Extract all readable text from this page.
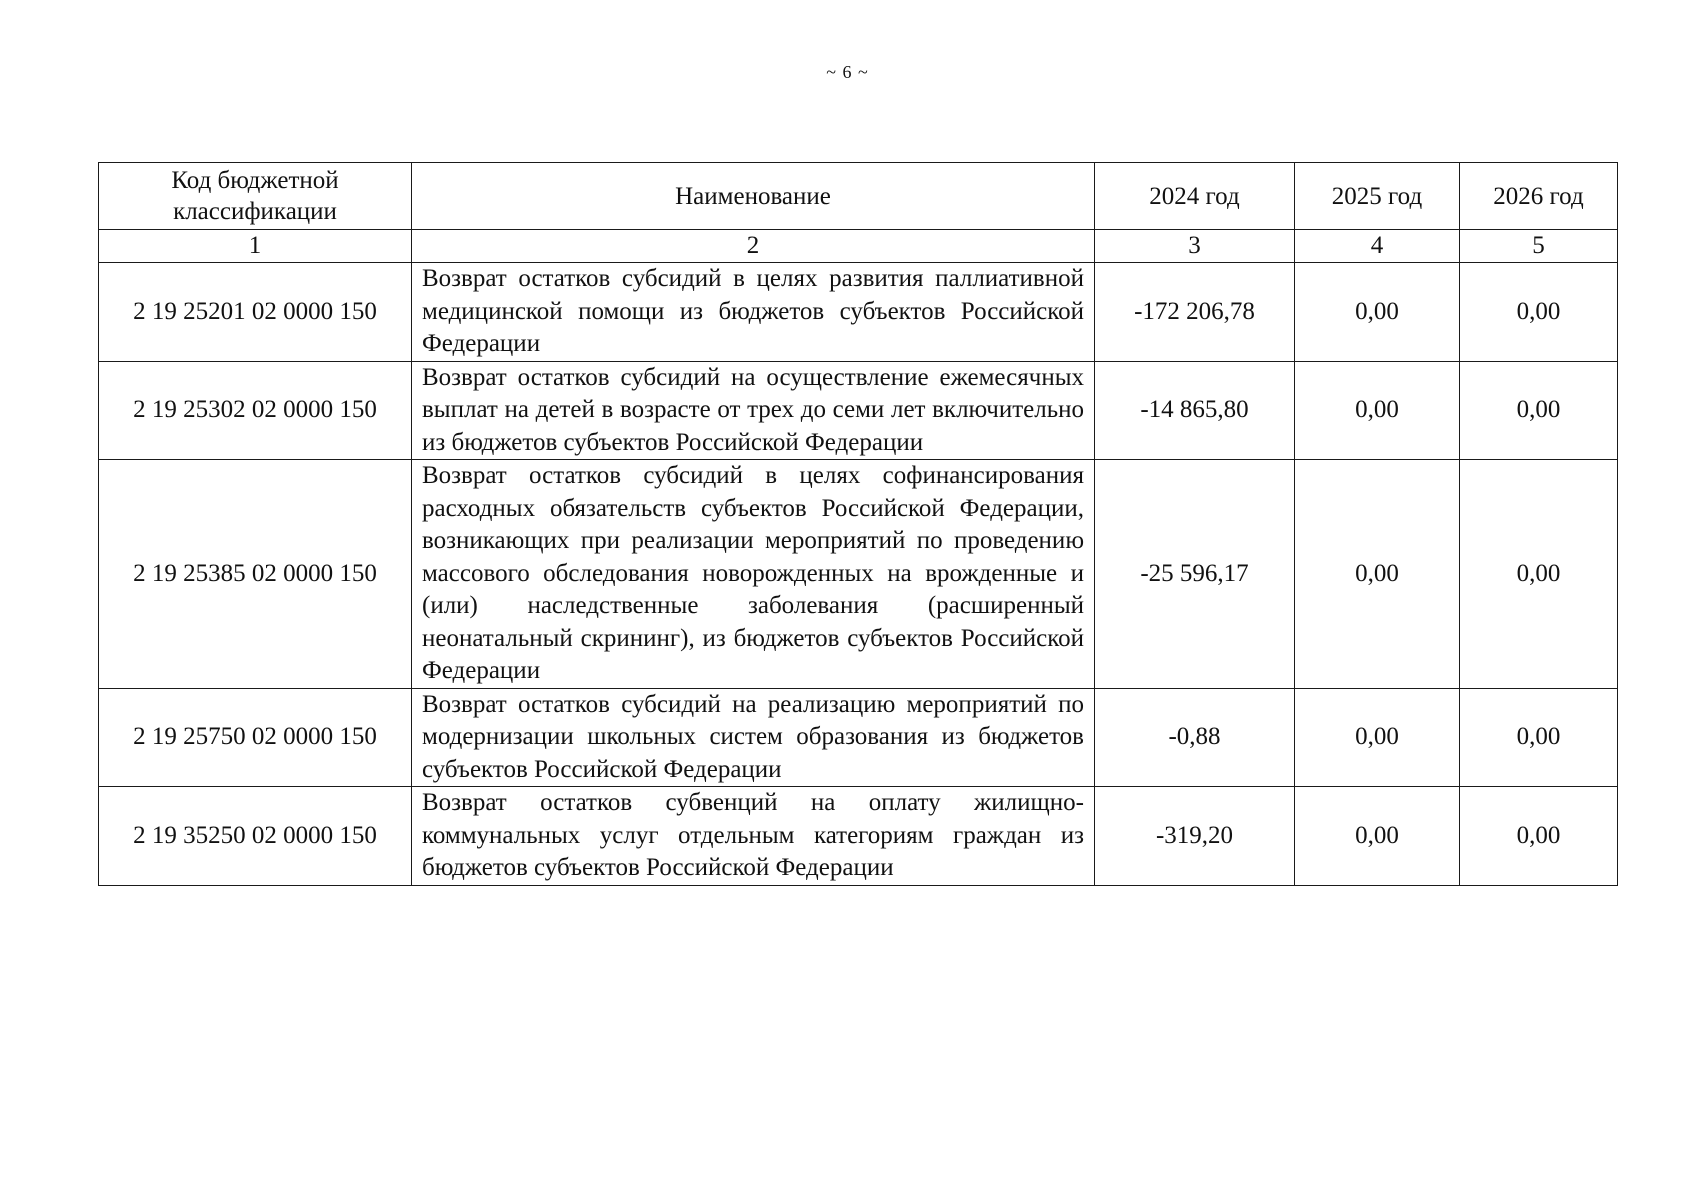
~ 6 ~
Код бюджетной классификации	Наименование	2024 год	2025 год	2026 год
1	2	3	4	5
2 19 25201 02 0000 150	Возврат остатков субсидий в целях развития паллиативной медицинской помощи из бюджетов субъектов Российской Федерации	-172 206,78	0,00	0,00
2 19 25302 02 0000 150	Возврат остатков субсидий на осуществление ежемесячных выплат на детей в возрасте от трех до семи лет включительно из бюджетов субъектов Российской Федерации	-14 865,80	0,00	0,00
2 19 25385 02 0000 150	Возврат остатков субсидий в целях софинансирования расходных обязательств субъектов Российской Федерации, возникающих при реализации мероприятий по проведению массового обследования новорожденных на врожденные и (или) наследственные заболевания (расширенный неонатальный скрининг), из бюджетов субъектов Российской Федерации	-25 596,17	0,00	0,00
2 19 25750 02 0000 150	Возврат остатков субсидий на реализацию мероприятий по модернизации школьных систем образования из бюджетов субъектов Российской Федерации	-0,88	0,00	0,00
2 19 35250 02 0000 150	Возврат остатков субвенций на оплату жилищно-коммунальных услуг отдельным категориям граждан из бюджетов субъектов Российской Федерации	-319,20	0,00	0,00
